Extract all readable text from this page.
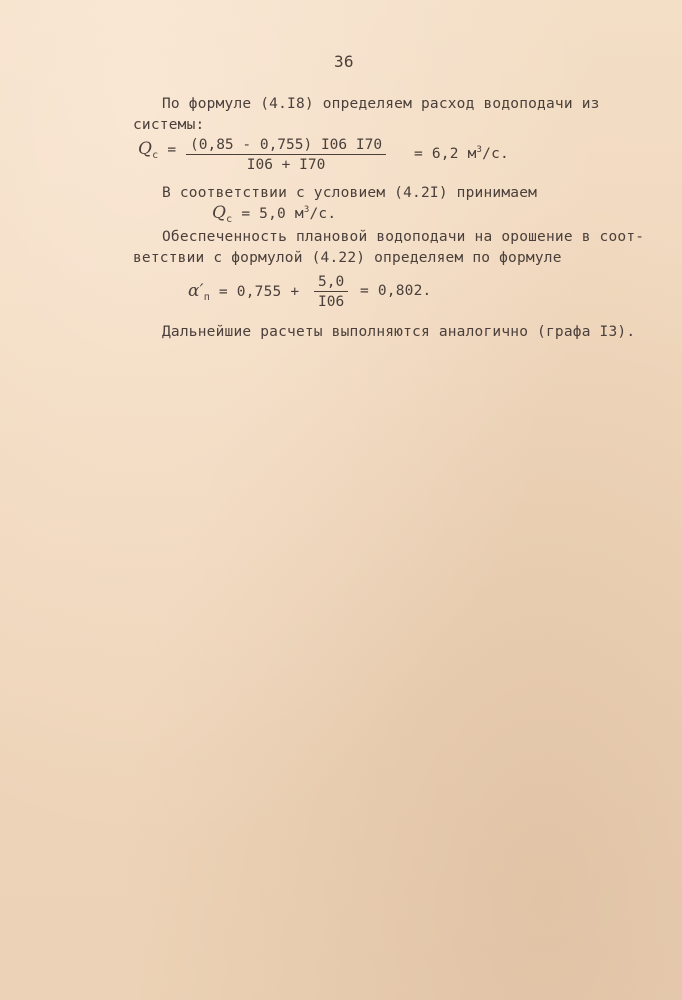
36
По формуле (4.I8) определяем расход водоподачи из
системы:
$Q_c = \frac{(0,85 - 0,755) I06 I70}{I06 + I70} = 6,2$ $м^3/с$.
В соответствии с условием (4.2I) принимаем
$Q_c = 5,0$ $м^3/с$.
Обеспеченность плановой водоподачи на орошение в соот-
ветствии с формулой (4.22) определяем по формуле
$\alpha'_п = 0,755 + \frac{5,0}{I06} = 0,802$.
Дальнейшие расчеты выполняются аналогично (графа I3).
